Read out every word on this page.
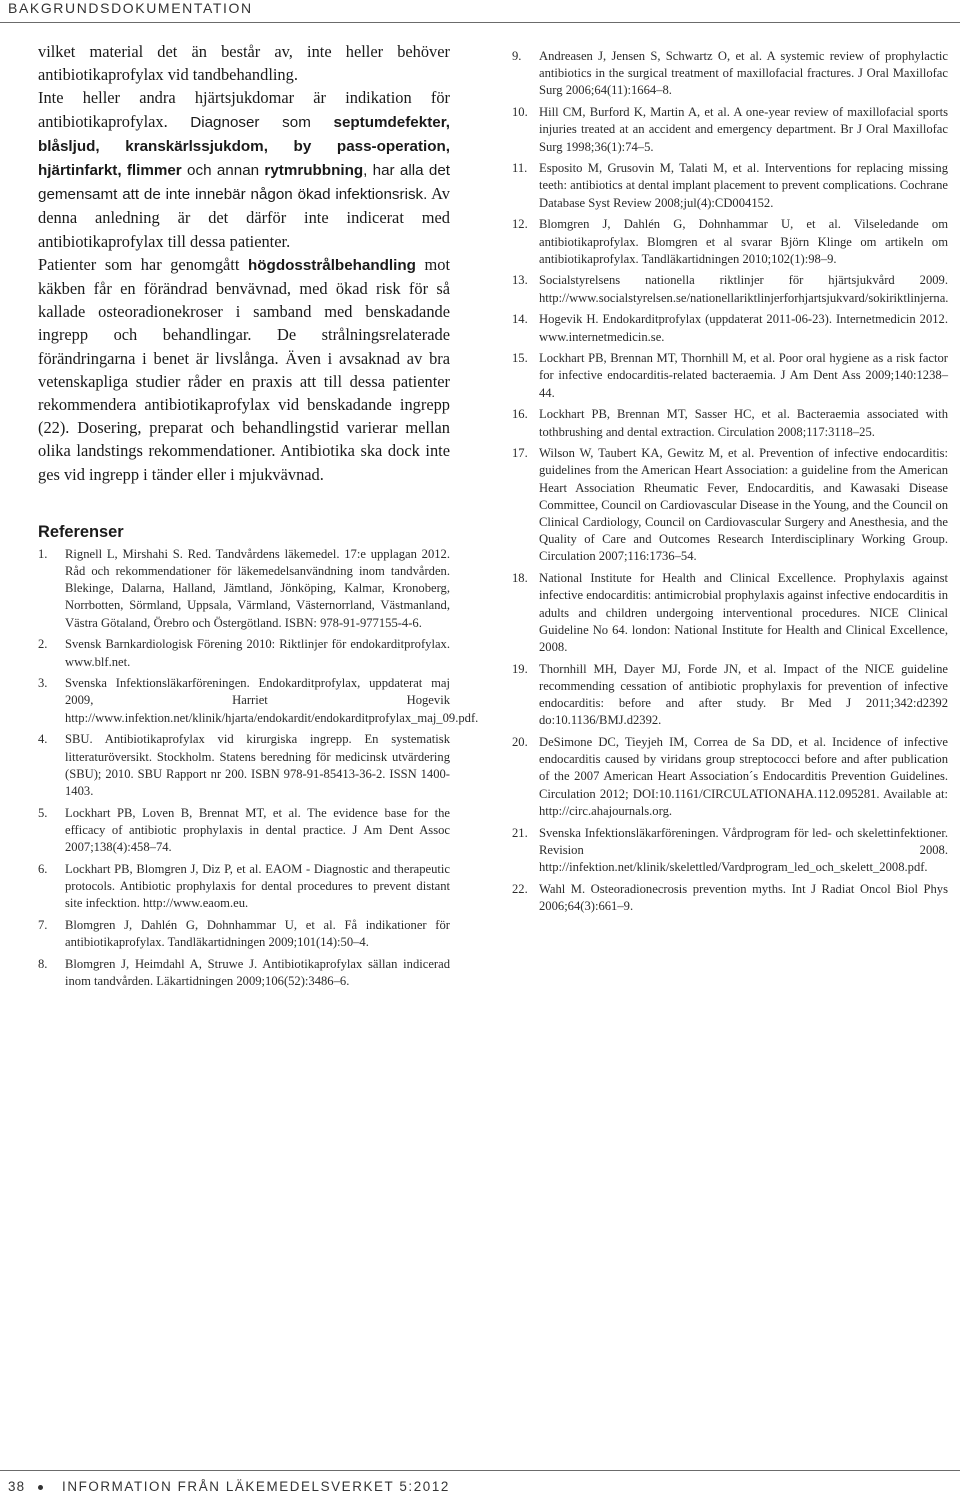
BAKGRUNDSDOKUMENTATION

vilket material det än består av, inte heller behöver antibiotikaprofylax vid tandbehandling.

Inte heller andra hjärtsjukdomar är indikation för antibiotikaprofylax. Diagnoser som septumdefekter, blåsljud, kranskärlssjukdom, by pass-operation, hjärtinfarkt, flimmer och annan rytmrubbning, har alla det gemensamt att de inte innebär någon ökad infektionsrisk. Av denna anledning är det därför inte indicerat med antibiotikaprofylax till dessa patienter.

Patienter som har genomgått högdosstrålbehandling mot käkben får en förändrad benvävnad, med ökad risk för så kallade osteoradionekroser i samband med benskadande ingrepp och behandlingar. De strålningsrelaterade förändringarna i benet är livslånga. Även i avsaknad av bra vetenskapliga studier råder en praxis att till dessa patienter rekommendera antibiotikaprofylax vid benskadande ingrepp (22). Dosering, preparat och behandlingstid varierar mellan olika landstings rekommendationer. Antibiotika ska dock inte ges vid ingrepp i tänder eller i mjukvävnad.

Referenser
1. Rignell L, Mirshahi S. Red. Tandvårdens läkemedel. 17:e upplagan 2012. Råd och rekommendationer för läkemedelsanvändning inom tandvården. Blekinge, Dalarna, Halland, Jämtland, Jönköping, Kalmar, Kronoberg, Norrbotten, Sörmland, Uppsala, Värmland, Västernorrland, Västmanland, Västra Götaland, Örebro och Östergötland. ISBN: 978-91-977155-4-6.
2. Svensk Barnkardiologisk Förening 2010: Riktlinjer för endokarditprofylax. www.blf.net.
3. Svenska Infektionsläkarföreningen. Endokarditprofylax, uppdaterat maj 2009, Harriet Hogevik http://www.infektion.net/klinik/hjarta/endokardit/endokarditprofylax_maj_09.pdf.
4. SBU. Antibiotikaprofylax vid kirurgiska ingrepp. En systematisk litteraturöversikt. Stockholm. Statens beredning för medicinsk utvärdering (SBU); 2010. SBU Rapport nr 200. ISBN 978-91-85413-36-2. ISSN 1400-1403.
5. Lockhart PB, Loven B, Brennat MT, et al. The evidence base for the efficacy of antibiotic prophylaxis in dental practice. J Am Dent Assoc 2007;138(4):458–74.
6. Lockhart PB, Blomgren J, Diz P, et al. EAOM - Diagnostic and therapeutic protocols. Antibiotic prophylaxis for dental procedures to prevent distant site infecktion. http://www.eaom.eu.
7. Blomgren J, Dahlén G, Dohnhammar U, et al. Få indikationer för antibiotikaprofylax. Tandläkartidningen 2009;101(14):50–4.
8. Blomgren J, Heimdahl A, Struwe J. Antibiotikaprofylax sällan indicerad inom tandvården. Läkartidningen 2009;106(52):3486–6.
9. Andreasen J, Jensen S, Schwartz O, et al. A systemic review of prophylactic antibiotics in the surgical treatment of maxillofacial fractures. J Oral Maxillofac Surg 2006;64(11):1664–8.
10. Hill CM, Burford K, Martin A, et al. A one-year review of maxillofacial sports injuries treated at an accident and emergency department. Br J Oral Maxillofac Surg 1998;36(1):74–5.
11. Esposito M, Grusovin M, Talati M, et al. Interventions for replacing missing teeth: antibiotics at dental implant placement to prevent complications. Cochrane Database Syst Review 2008;jul(4):CD004152.
12. Blomgren J, Dahlén G, Dohnhammar U, et al. Vilseledande om antibiotikaprofylax. Blomgren et al svarar Björn Klinge om artikeln om antibiotikaprofylax. Tandläkartidningen 2010;102(1):98–9.
13. Socialstyrelsens nationella riktlinjer för hjärtsjukvård 2009. http://www.socialstyrelsen.se/nationellariktlinjerforhjartsjukvard/sokiriktlinjerna.
14. Hogevik H. Endokarditprofylax (uppdaterat 2011-06-23). Internetmedicin 2012. www.internetmedicin.se.
15. Lockhart PB, Brennan MT, Thornhill M, et al. Poor oral hygiene as a risk factor for infective endocarditis-related bacteraemia. J Am Dent Ass 2009;140:1238–44.
16. Lockhart PB, Brennan MT, Sasser HC, et al. Bacteraemia associated with tothbrushing and dental extraction. Circulation 2008;117:3118–25.
17. Wilson W, Taubert KA, Gewitz M, et al. Prevention of infective endocarditis: guidelines from the American Heart Association: a guideline from the American Heart Association Rheumatic Fever, Endocarditis, and Kawasaki Disease Committee, Council on Cardiovascular Disease in the Young, and the Council on Clinical Cardiology, Council on Cardiovascular Surgery and Anesthesia, and the Quality of Care and Outcomes Research Interdisciplinary Working Group. Circulation 2007;116:1736–54.
18. National Institute for Health and Clinical Excellence. Prophylaxis against infective endocarditis: antimicrobial prophylaxis against infective endocarditis in adults and children undergoing interventional procedures. NICE Clinical Guideline No 64. london: National Institute for Health and Clinical Excellence, 2008.
19. Thornhill MH, Dayer MJ, Forde JN, et al. Impact of the NICE guideline recommending cessation of antibiotic prophylaxis for prevention of infective endocarditis: before and after study. Br Med J 2011;342:d2392 do:10.1136/BMJ.d2392.
20. DeSimone DC, Tieyjeh IM, Correa de Sa DD, et al. Incidence of infective endocarditis caused by viridans group streptococci before and after publication of the 2007 American Heart Association´s Endocarditis Prevention Guidelines. Circulation 2012; DOI:10.1161/CIRCULATIONAHA.112.095281. Available at: http://circ.ahajournals.org.
21. Svenska Infektionsläkarföreningen. Vårdprogram för led- och skelettinfektioner. Revision 2008. http://infektion.net/klinik/skelettled/Vardprogram_led_och_skelett_2008.pdf.
22. Wahl M. Osteoradionecrosis prevention myths. Int J Radiat Oncol Biol Phys 2006;64(3):661–9.
38	INFORMATION FRÅN LÄKEMEDELSVERKET 5:2012
